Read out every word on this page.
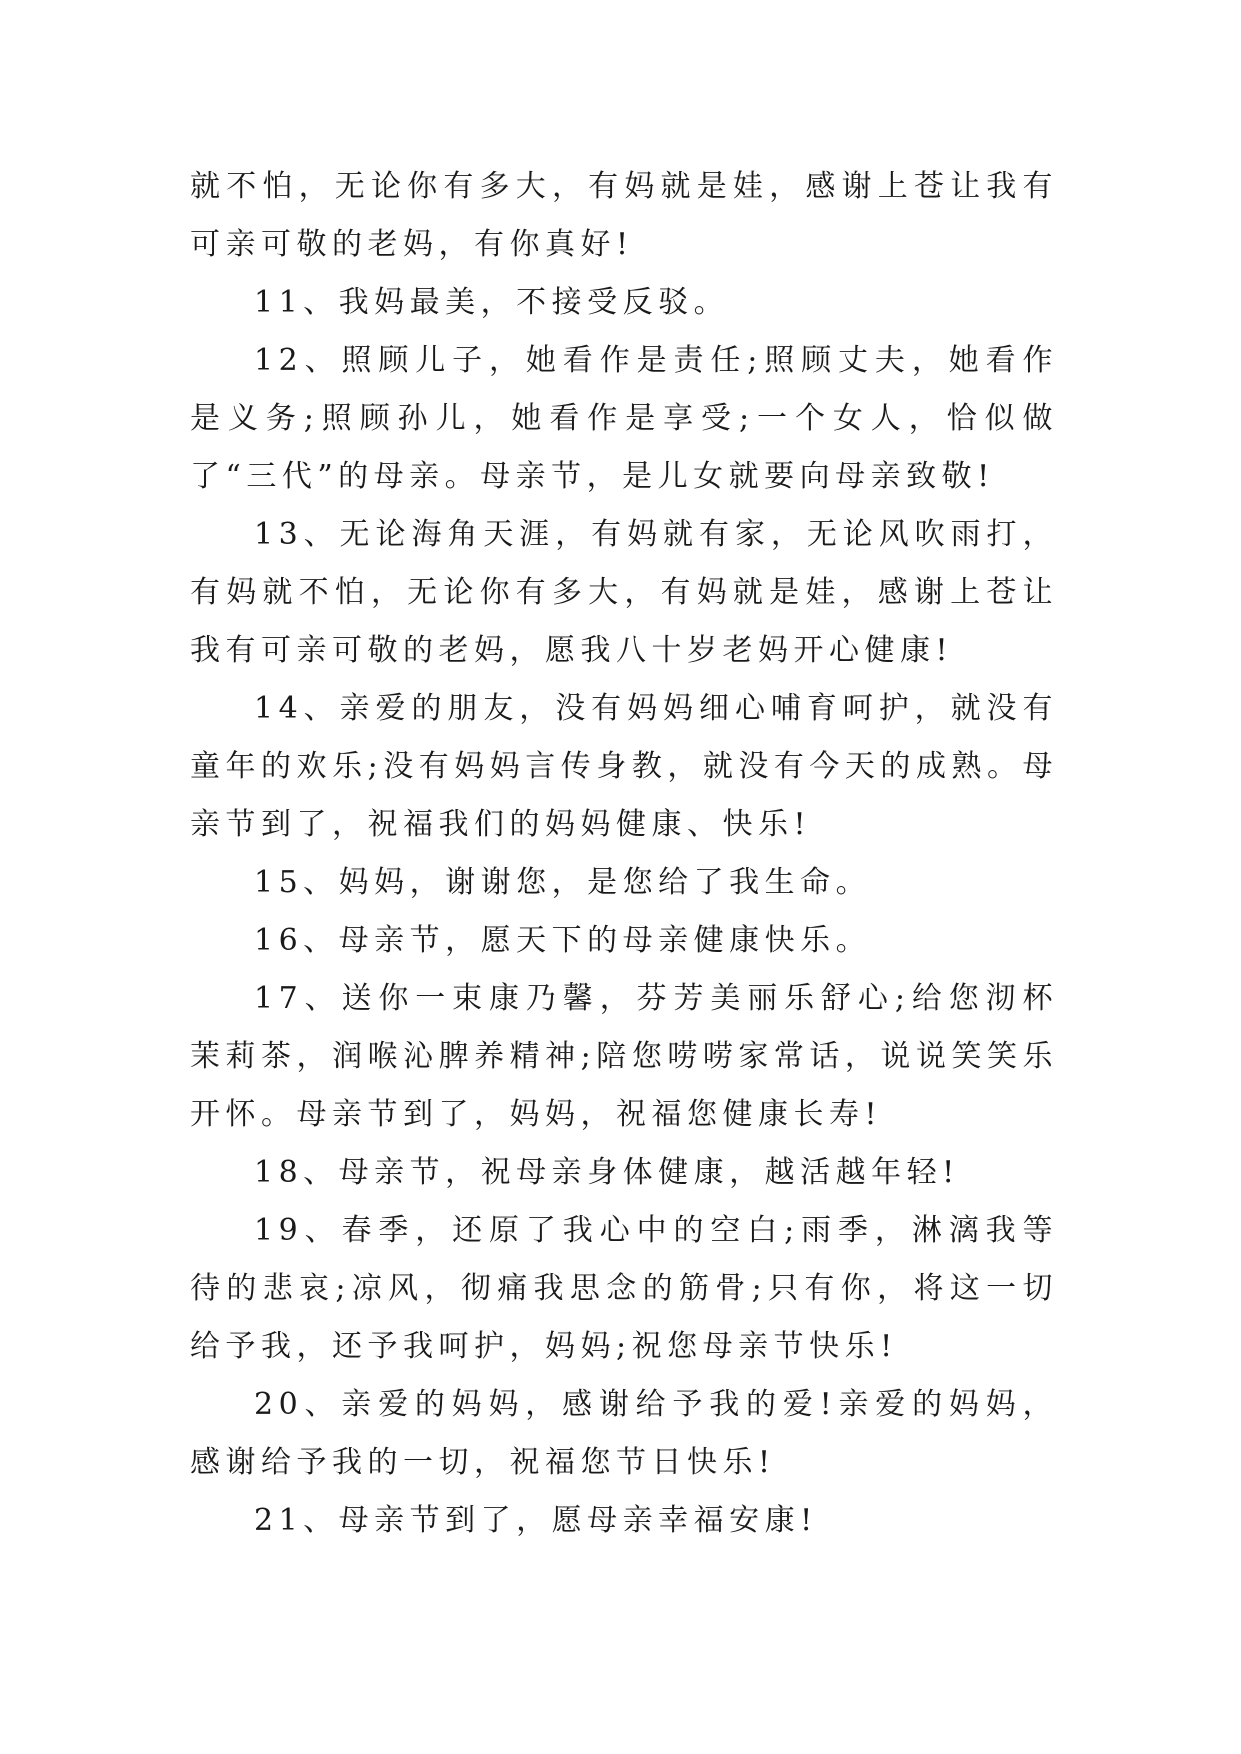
就不怕，无论你有多大，有妈就是娃，感谢上苍让我有可亲可敬的老妈，有你真好!

11、我妈最美，不接受反驳。

12、照顾儿子，她看作是责任;照顾丈夫，她看作是义务;照顾孙儿，她看作是享受;一个女人，恰似做了“三代”的母亲。母亲节，是儿女就要向母亲致敬!

13、无论海角天涯，有妈就有家，无论风吹雨打，有妈就不怕，无论你有多大，有妈就是娃，感谢上苍让我有可亲可敬的老妈，愿我八十岁老妈开心健康!

14、亲爱的朋友，没有妈妈细心哺育呵护，就没有童年的欢乐;没有妈妈言传身教，就没有今天的成熟。母亲节到了，祝福我们的妈妈健康、快乐!

15、妈妈，谢谢您，是您给了我生命。

16、母亲节，愿天下的母亲健康快乐。

17、送你一束康乃馨，芬芳美丽乐舒心;给您沏杯茉莉茶，润喉沁脾养精神;陪您唠唠家常话，说说笑笑乐开怀。母亲节到了，妈妈，祝福您健康长寿!

18、母亲节，祝母亲身体健康，越活越年轻!

19、春季，还原了我心中的空白;雨季，淋漓我等待的悲哀;凉风，彻痛我思念的筋骨;只有你，将这一切给予我，还予我呵护，妈妈;祝您母亲节快乐!

20、亲爱的妈妈，感谢给予我的爱!亲爱的妈妈，感谢给予我的一切，祝福您节日快乐!

21、母亲节到了，愿母亲幸福安康!
